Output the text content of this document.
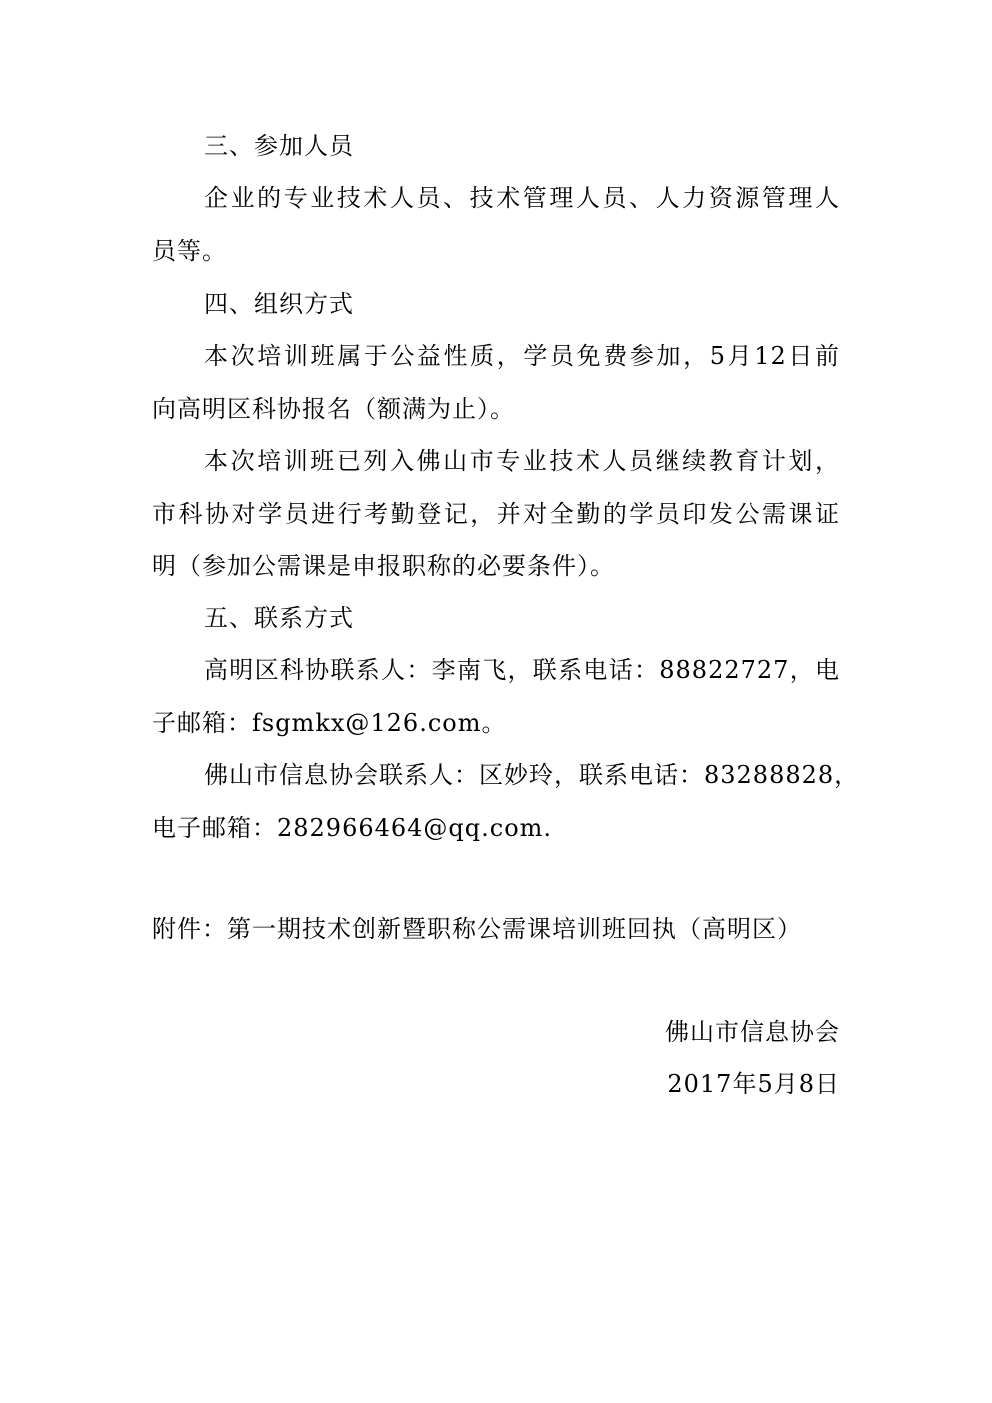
三、参加人员
企业的专业技术人员、技术管理人员、人力资源管理人
员等。
四、组织方式
本次培训班属于公益性质，学员免费参加，5月12日前
向高明区科协报名（额满为止）。
本次培训班已列入佛山市专业技术人员继续教育计划，
市科协对学员进行考勤登记，并对全勤的学员印发公需课证
明（参加公需课是申报职称的必要条件）。
五、联系方式
高明区科协联系人：李南飞，联系电话：88822727，电
子邮箱：fsgmkx@126.com。
佛山市信息协会联系人：区妙玲，联系电话：83288828，
电子邮箱：282966464@qq.com.
附件：第一期技术创新暨职称公需课培训班回执（高明区）
佛山市信息协会
2017年5月8日
